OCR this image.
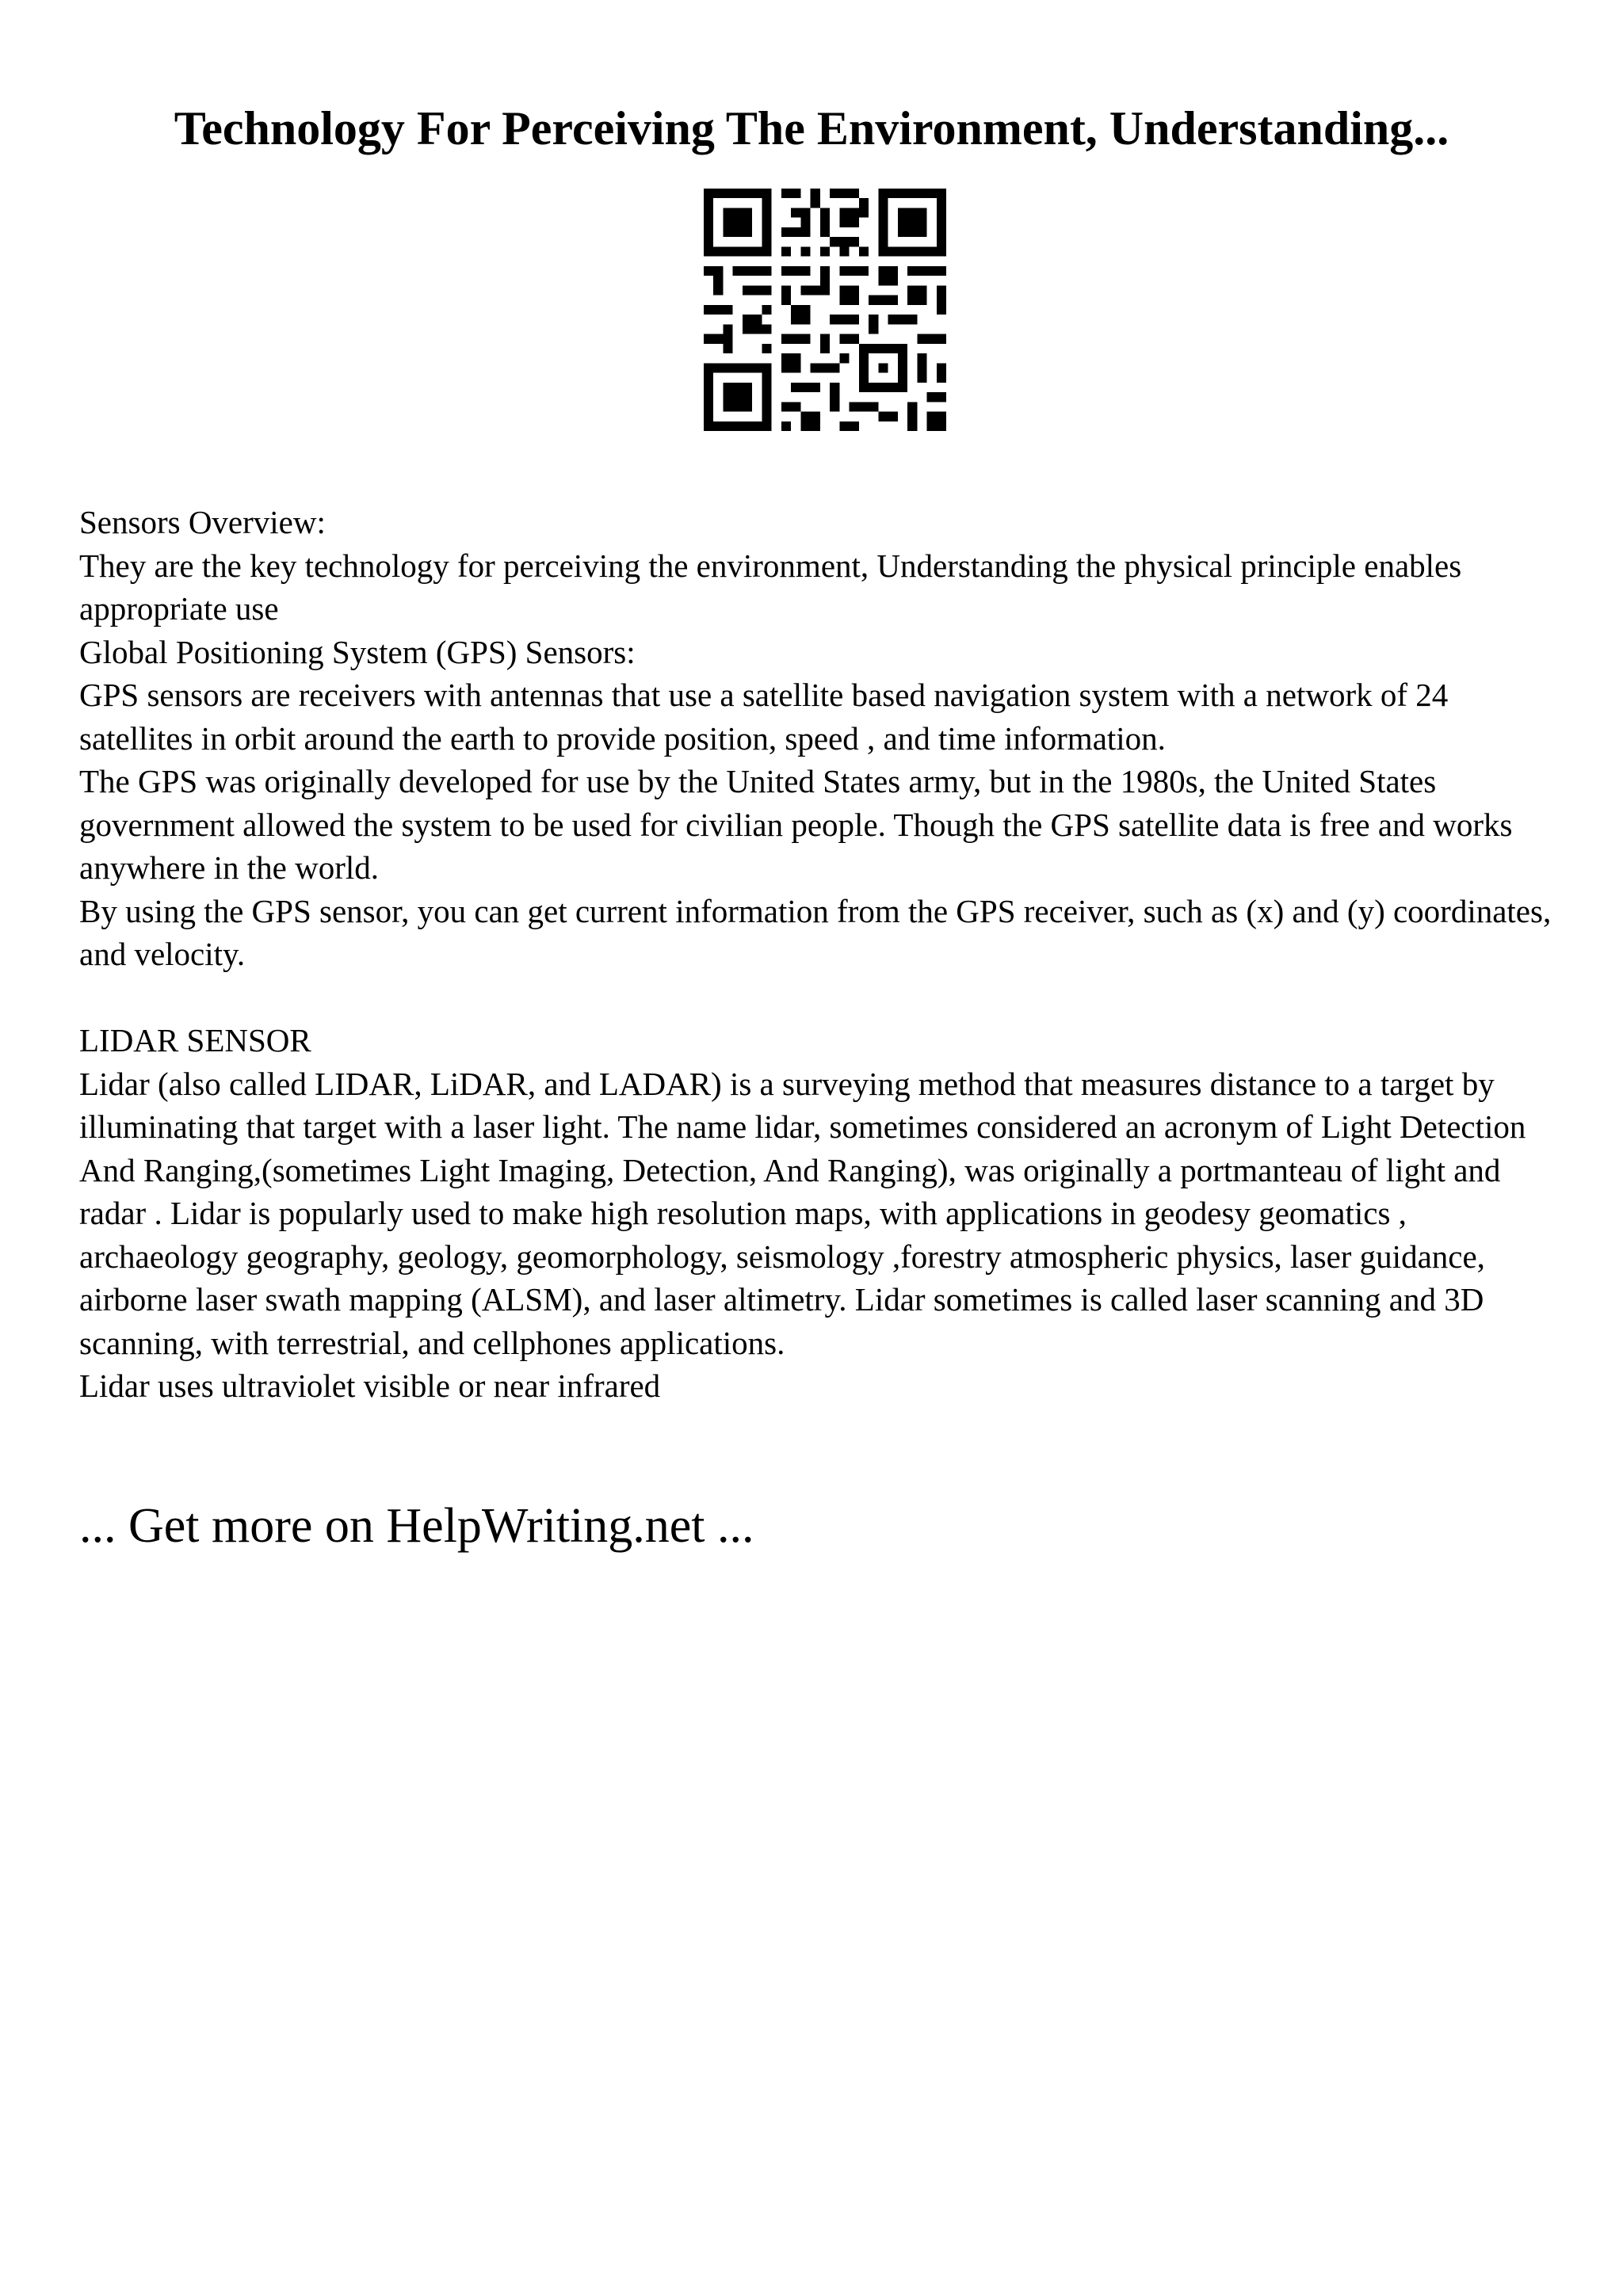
Technology For Perceiving The Environment, Understanding...

Sensors Overview:

They are the key technology for perceiving the environment, Understanding the physical principle enables appropriate use

Global Positioning System (GPS) Sensors:

GPS sensors are receivers with antennas that use a satellite based navigation system with a network of 24 satellites in orbit around the earth to provide position, speed , and time information.

The GPS was originally developed for use by the United States army, but in the 1980s, the United States government allowed the system to be used for civilian people. Though the GPS satellite data is free and works anywhere in the world.

By using the GPS sensor, you can get current information from the GPS receiver, such as (x) and (y) coordinates, and velocity.

LIDAR SENSOR

Lidar (also called LIDAR, LiDAR, and LADAR) is a surveying method that measures distance to a target by illuminating that target with a laser light. The name lidar, sometimes considered an acronym of Light Detection And Ranging,(sometimes Light Imaging, Detection, And Ranging), was originally a portmanteau of light and radar . Lidar is popularly used to make high resolution maps, with applications in geodesy geomatics , archaeology geography, geology, geomorphology, seismology ,forestry atmospheric physics, laser guidance, airborne laser swath mapping (ALSM), and laser altimetry. Lidar sometimes is called laser scanning and 3D scanning, with terrestrial, and cellphones applications.

Lidar uses ultraviolet visible or near infrared

... Get more on HelpWriting.net ...
